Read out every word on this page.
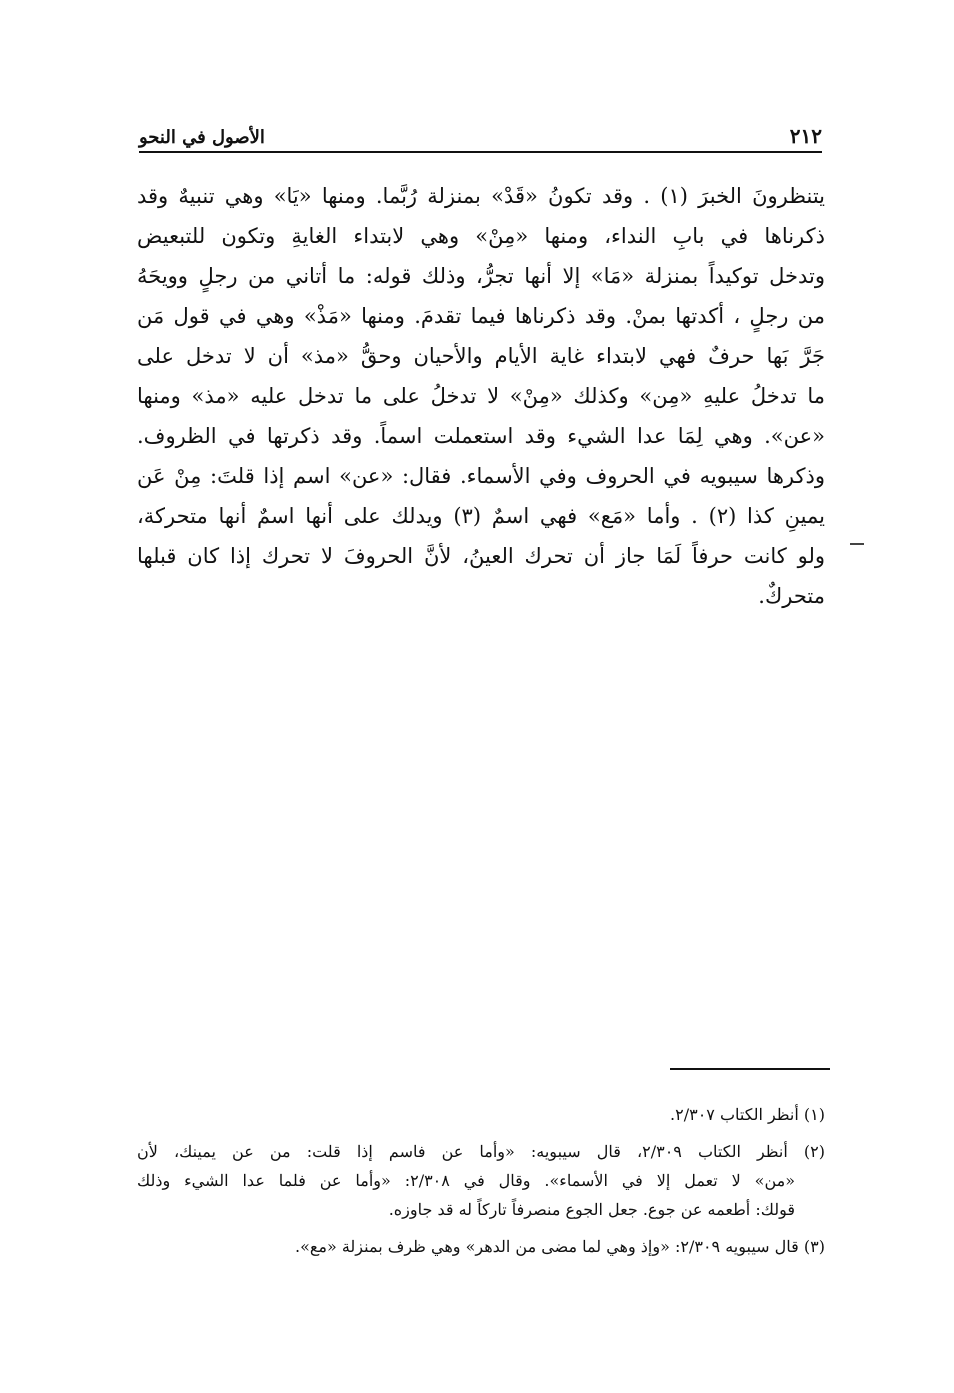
٢١٢
الأصول في النحو
يتنظرونَ الخبرَ (١) . وقد تكونُ «قَدْ» بمنزلة رُبَّما. ومنها «يَا» وهي تنبيهٌ وقد
ذكرناها في بابِ النداء، ومنها «مِنْ» وهي لابتداء الغايةِ وتكون للتبعيض
وتدخل توكيداً بمنزلة «مَا» إلا أنها تجرُّ، وذلك قوله: ما أتاني من رجلٍ وويحَهُ
من رجلٍ ، أكدتها بمنْ. وقد ذكرناها فيما تقدمَ. ومنها «مَذْ» وهي في قول مَن
جَرَّ بَها حرفٌ فهي لابتداء غاية الأيام والأحيان وحقُّ «مذ» أن لا تدخل على
ما تدخلُ عليهِ «مِن» وكذلك «مِنْ» لا تدخلُ على ما تدخل عليه «مذ» ومنها
«عن». وهي لِمَا عدا الشيء وقد استعملت اسماً. وقد ذكرتها في الظروف.
وذكرها سيبويه في الحروف وفي الأسماء. فقال: «عن» اسم إذا قلتَ: مِنْ عَن
يمينِ كذا (٢) . وأما «مَع» فهي اسمٌ (٣) ويدلك على أنها اسمٌ أنها متحركة،
ولو كانت حرفاً لَمَا جاز أن تحرك العينُ، لأنَّ الحروفَ لا تحرك إذا كان قبلها
متحركٌ.
(١) أنظر الكتاب ٢/٣٠٧.
(٢) أنظر الكتاب ٢/٣٠٩، قال سيبويه: «وأما عن فاسم إذا قلت: من عن يمينك، لأن
«من» لا تعمل إلا في الأسماء». وقال في ٢/٣٠٨: «وأما عن فلما عدا الشيء وذلك
قولك: أطعمه عن جوع. جعل الجوع منصرفاً تاركاً له قد جاوزه.
(٣) قال سيبويه ٢/٣٠٩: «وإذ وهي لما مضى من الدهر» وهي ظرف بمنزلة «مع».
